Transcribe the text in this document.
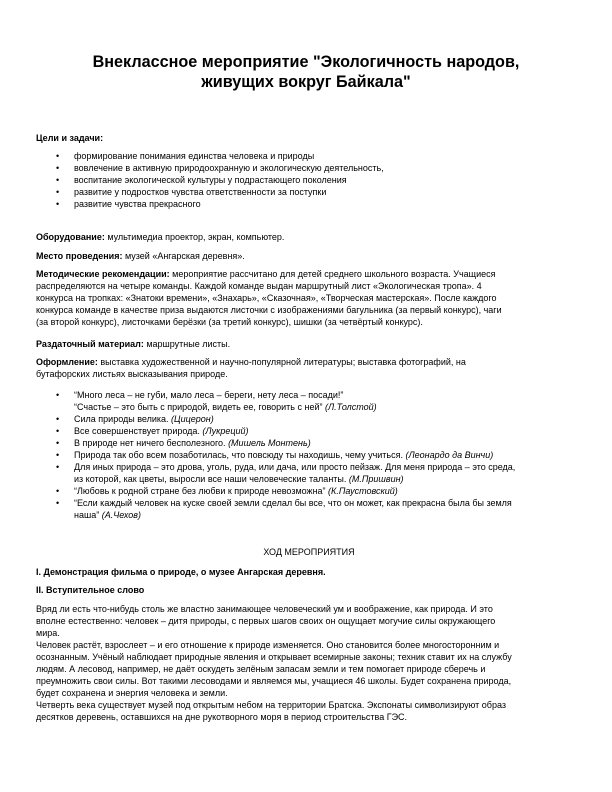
Внеклассное мероприятие "Экологичность народов,
живущих вокруг Байкала"
Цели и задачи:
• формирование понимания единства человека и природы
• вовлечение в активную природоохранную и экологическую деятельность,
• воспитание экологической культуры у подрастающего поколения
• развитие у подростков чувства ответственности за поступки
• развитие чувства прекрасного
Оборудование: мультимедиа проектор, экран, компьютер.
Место проведения: музей «Ангарская деревня».
Методические рекомендации: мероприятие рассчитано для детей среднего школьного возраста. Учащиеся
распределяются на четыре команды. Каждой команде выдан маршрутный лист «Экологическая тропа». 4
конкурса на тропках: «Знатоки времени», «Знахарь», «Сказочная», «Творческая мастерская». После каждого
конкурса команде в качестве приза выдаются листочки с изображениями багульника (за первый конкурс), чаги
(за второй конкурс), листочками берёзки (за третий конкурс), шишки (за четвёртый конкурс).
Раздаточный материал: маршрутные листы.
Оформление: выставка художественной и научно-популярной литературы; выставка фотографий, на
бутафорских листьях высказывания природе.
• “Много леса – не губи, мало леса – береги, нету леса – посади!”
“Счастье – это быть с природой, видеть ее, говорить с ней” (Л.Толстой)
• Сила природы велика. (Цицерон)
• Все совершенствует природа. (Лукреций)
• В природе нет ничего бесполезного. (Мишель Монтень)
• Природа так обо всем позаботилась, что повсюду ты находишь, чему учиться. (Леонардо да Винчи)
• Для иных природа – это дрова, уголь, руда, или дача, или просто пейзаж. Для меня природа – это среда,
из которой, как цветы, выросли все наши человеческие таланты. (М.Пришвин)
• “Любовь к родной стране без любви к природе невозможна” (К.Паустовский)
• “Если каждый человек на куске своей земли сделал бы все, что он может, как прекрасна была бы земля
наша” (А.Чехов)
ХОД МЕРОПРИЯТИЯ
I. Демонстрация фильма о природе, о музее Ангарская деревня.
II. Вступительное слово
Вряд ли есть что-нибудь столь же властно занимающее человеческий ум и воображение, как природа. И это
вполне естественно: человек – дитя природы, с первых шагов своих он ощущает могучие силы окружающего
мира.
Человек растёт, взрослеет – и его отношение к природе изменяется. Оно становится более многосторонним и
осознанным. Учёный наблюдает природные явления и открывает всемирные законы; техник ставит их на службу
людям. А лесовод, например, не даёт оскудеть зелёным запасам земли и тем помогает природе сберечь и
преумножить свои силы. Вот такими лесоводами и являемся мы, учащиеся 46 школы. Будет сохранена природа,
будет сохранена и энергия человека и земли.
Четверть века существует музей под открытым небом на территории Братска. Экспонаты символизируют образ
десятков деревень, оставшихся на дне рукотворного моря в период строительства ГЭС.
